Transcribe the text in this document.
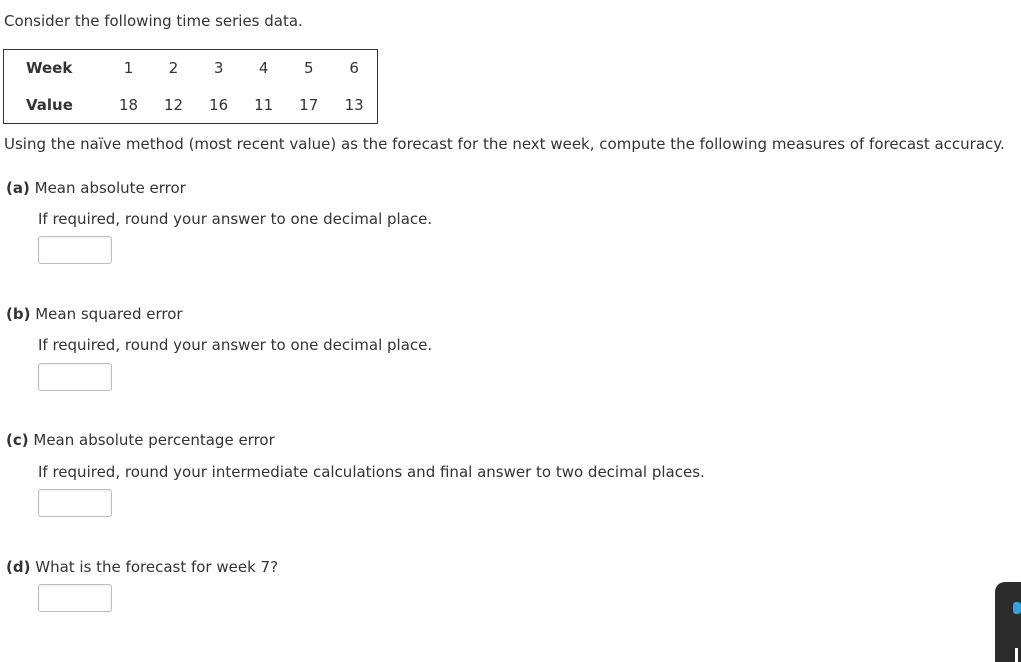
Consider the following time series data.

Week	1	2	3	4	5	6
Value	18	12	16	11	17	13

Using the naïve method (most recent value) as the forecast for the next week, compute the following measures of forecast accuracy.

(a) Mean absolute error

If required, round your answer to one decimal place.

(b) Mean squared error

If required, round your answer to one decimal place.

(c) Mean absolute percentage error

If required, round your intermediate calculations and final answer to two decimal places.

(d) What is the forecast for week 7?
